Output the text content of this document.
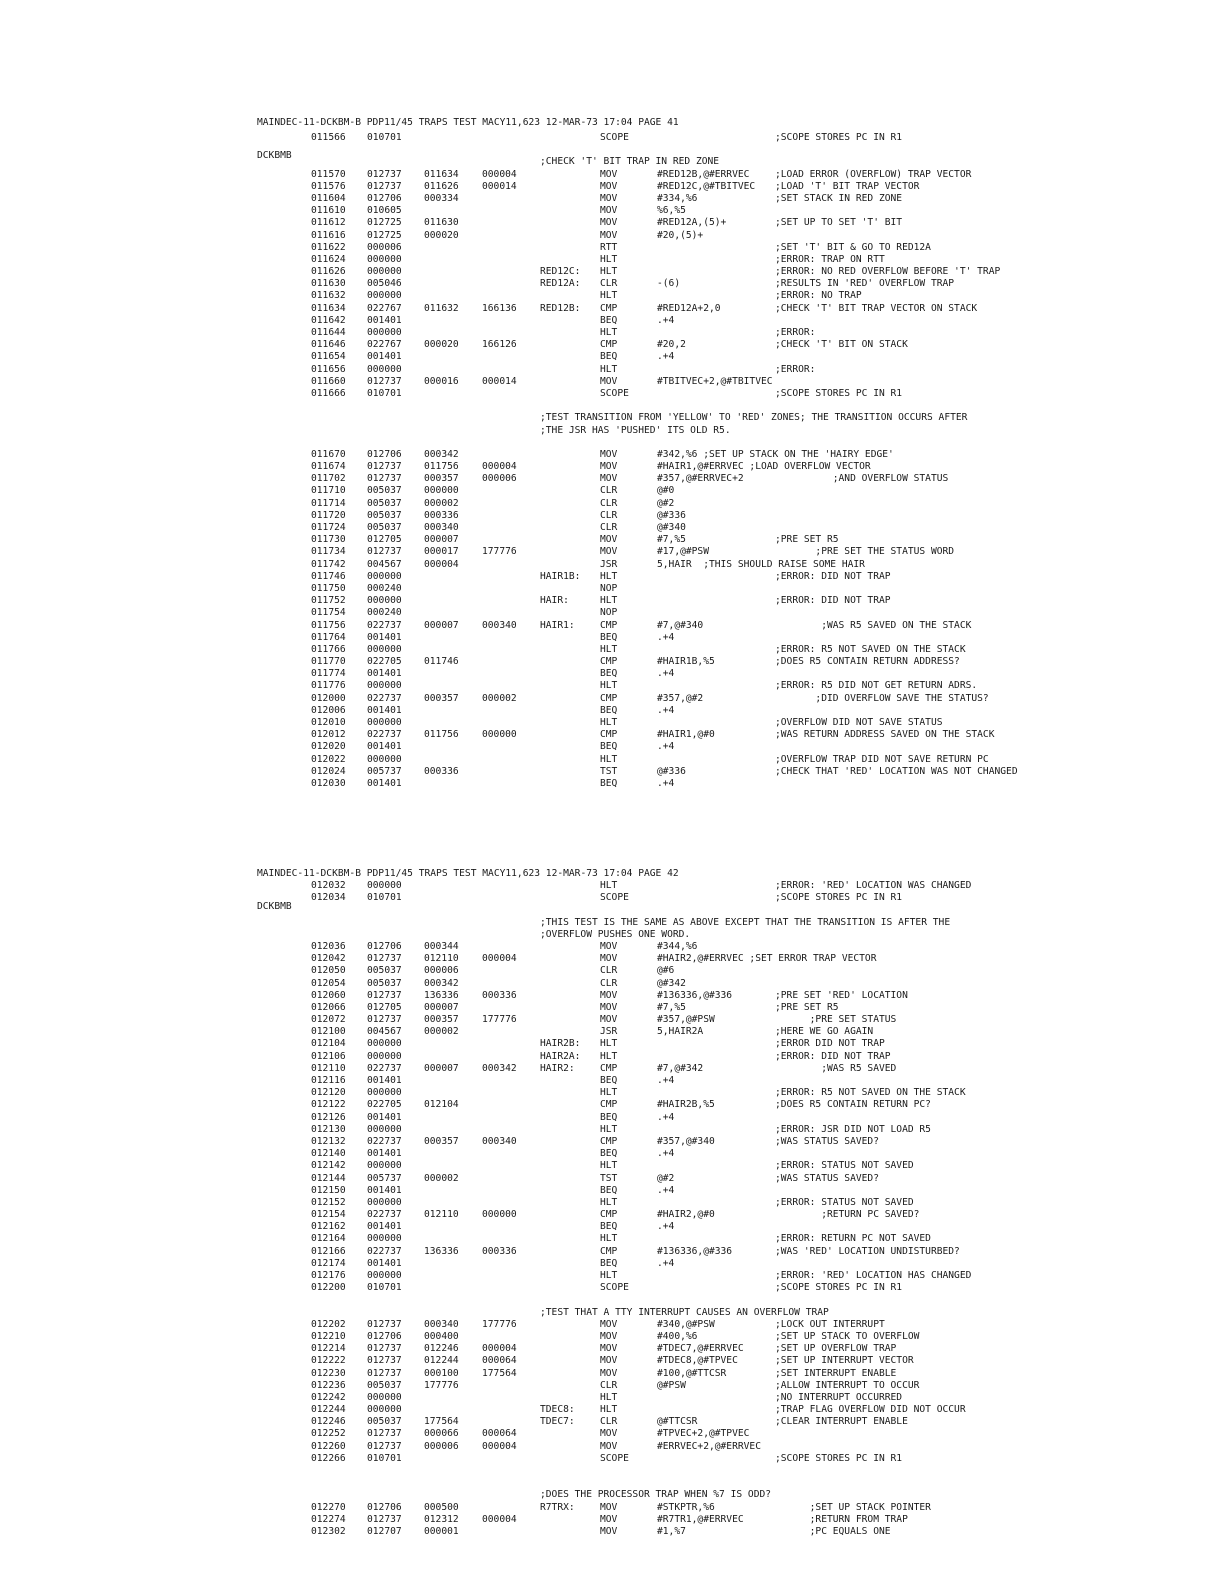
MAINDEC-11-DCKBM-B PDP11/45 TRAPS TEST MACY11,623 12-MAR-73 17:04 PAGE 41

DCKBMB

011566 010701	SCOPE	;SCOPE STORES PC IN R1
;CHECK 'T' BIT TRAP IN RED ZONE
011570 012737 011634 000004	MOV	#RED12B,@#ERRVEC	;LOAD ERROR (OVERFLOW) TRAP VECTOR
011576 012737 011626 000014	MOV	#RED12C,@#TBITVEC ;LOAD 'T' BIT TRAP VECTOR
011604 012706 000334	MOV	#334,%6	;SET STACK IN RED ZONE
011610 010605	MOV	%6,%5
011612 012725 011630	MOV	#RED12A,(5)+	;SET UP TO SET 'T' BIT
011616 012725 000020	MOV	#20,(5)+
011622 000006	RTT	;SET 'T' BIT & GO TO RED12A
011624 000000	HLT	;ERROR: TRAP ON RTT
011626 000000	RED12C: HLT	;ERROR: NO RED OVERFLOW BEFORE 'T' TRAP
011630 005046	RED12A: CLR	-(6)	;RESULTS IN 'RED' OVERFLOW TRAP
011632 000000	HLT	;ERROR: NO TRAP
011634 022767 011632 166136 RED12B: CMP	#RED12A+2,0	;CHECK 'T' BIT TRAP VECTOR ON STACK
011642 001401	BEQ	.+4
011644 000000	HLT	;ERROR:
011646 022767 000020 166126	CMP	#20,2	;CHECK 'T' BIT ON STACK
011654 001401	BEQ	.+4
011656 000000	HLT	;ERROR:
011660 012737 000016 000014	MOV	#TBITVEC+2,@#TBITVEC
011666 010701	SCOPE	;SCOPE STORES PC IN R1
;TEST TRANSITION FROM 'YELLOW' TO 'RED' ZONES; THE TRANSITION OCCURS AFTER
;THE JSR HAS 'PUSHED' ITS OLD R5.
011670 012706 000342	MOV	#342,%6 ;SET UP STACK ON THE 'HAIRY EDGE'
011674 012737 011756 000004	MOV	#HAIR1,@#ERRVEC ;LOAD OVERFLOW VECTOR
011702 012737 000357 000006	MOV	#357,@#ERRVEC+2	;AND OVERFLOW STATUS
011710 005037 000000	CLR	@#0
011714 005037 000002	CLR	@#2
011720 005037 000336	CLR	@#336
011724 005037 000340	CLR	@#340
011730 012705 000007	MOV	#7,%5	;PRE SET R5
011734 012737 000017 177776	MOV	#17,@#PSW	;PRE SET THE STATUS WORD
011742 004567 000004	JSR	5,HAIR  ;THIS SHOULD RAISE SOME HAIR
011746 000000	HAIR1B: HLT	;ERROR: DID NOT TRAP
011750 000240	NOP
011752 000000	HAIR:	HLT	;ERROR: DID NOT TRAP
011754 000240	NOP
011756 022737 000007 000340 HAIR1:	CMP	#7,@#340	;WAS R5 SAVED ON THE STACK
011764 001401	BEQ	.+4
011766 000000	HLT	;ERROR: R5 NOT SAVED ON THE STACK
011770 022705 011746	CMP	#HAIR1B,%5	;DOES R5 CONTAIN RETURN ADDRESS?
011774 001401	BEQ	.+4
011776 000000	HLT	;ERROR: R5 DID NOT GET RETURN ADRS.
012000 022737 000357 000002	CMP	#357,@#2	;DID OVERFLOW SAVE THE STATUS?
012006 001401	BEQ	.+4
012010 000000	HLT	;OVERFLOW DID NOT SAVE STATUS
012012 022737 011756 000000	CMP	#HAIR1,@#0	;WAS RETURN ADDRESS SAVED ON THE STACK
012020 001401	BEQ	.+4
012022 000000	HLT	;OVERFLOW TRAP DID NOT SAVE RETURN PC
012024 005737 000336	TST	@#336	;CHECK THAT 'RED' LOCATION WAS NOT CHANGED
012030 001401	BEQ	.+4

MAINDEC-11-DCKBM-B PDP11/45 TRAPS TEST MACY11,623 12-MAR-73 17:04 PAGE 42

DCKBMB

012032 000000	HLT	;ERROR: 'RED' LOCATION WAS CHANGED
012034 010701	SCOPE	;SCOPE STORES PC IN R1
;THIS TEST IS THE SAME AS ABOVE EXCEPT THAT THE TRANSITION IS AFTER THE
;OVERFLOW PUSHES ONE WORD.
012036 012706 000344	MOV	#344,%6
012042 012737 012110 000004	MOV	#HAIR2,@#ERRVEC ;SET ERROR TRAP VECTOR
012050 005037 000006	CLR	@#6
012054 005037 000342	CLR	@#342
012060 012737 136336 000336	MOV	#136336,@#336	;PRE SET 'RED' LOCATION
012066 012705 000007	MOV	#7,%5	;PRE SET R5
012072 012737 000357 177776	MOV	#357,@#PSW	;PRE SET STATUS
012100 004567 000002	JSR	5,HAIR2A	;HERE WE GO AGAIN
012104 000000	HAIR2B: HLT	;ERROR DID NOT TRAP
012106 000000	HAIR2A: HLT	;ERROR: DID NOT TRAP
012110 022737 000007 000342 HAIR2:	CMP	#7,@#342	;WAS R5 SAVED
012116 001401	BEQ	.+4
012120 000000	HLT	;ERROR: R5 NOT SAVED ON THE STACK
012122 022705 012104	CMP	#HAIR2B,%5	;DOES R5 CONTAIN RETURN PC?
012126 001401	BEQ	.+4
012130 000000	HLT	;ERROR: JSR DID NOT LOAD R5
012132 022737 000357 000340	CMP	#357,@#340	;WAS STATUS SAVED?
012140 001401	BEQ	.+4
012142 000000	HLT	;ERROR: STATUS NOT SAVED
012144 005737 000002	TST	@#2	;WAS STATUS SAVED?
012150 001401	BEQ	.+4
012152 000000	HLT	;ERROR: STATUS NOT SAVED
012154 022737 012110 000000	CMP	#HAIR2,@#0	;RETURN PC SAVED?
012162 001401	BEQ	.+4
012164 000000	HLT	;ERROR: RETURN PC NOT SAVED
012166 022737 136336 000336	CMP	#136336,@#336	;WAS 'RED' LOCATION UNDISTURBED?
012174 001401	BEQ	.+4
012176 000000	HLT	;ERROR: 'RED' LOCATION HAS CHANGED
012200 010701	SCOPE	;SCOPE STORES PC IN R1
;TEST THAT A TTY INTERRUPT CAUSES AN OVERFLOW TRAP
012202 012737 000340 177776	MOV	#340,@#PSW	;LOCK OUT INTERRUPT
012210 012706 000400	MOV	#400,%6	;SET UP STACK TO OVERFLOW
012214 012737 012246 000004	MOV	#TDEC7,@#ERRVEC	;SET UP OVERFLOW TRAP
012222 012737 012244 000064	MOV	#TDEC8,@#TPVEC	;SET UP INTERRUPT VECTOR
012230 012737 000100 177564	MOV	#100,@#TTCSR	;SET INTERRUPT ENABLE
012236 005037 177776	CLR	@#PSW	;ALLOW INTERRUPT TO OCCUR
012242 000000	HLT	;NO INTERRUPT OCCURRED
012244 000000	TDEC8:	HLT	;TRAP FLAG OVERFLOW DID NOT OCCUR
012246 005037 177564	TDEC7:	CLR	@#TTCSR	;CLEAR INTERRUPT ENABLE
012252 012737 000066 000064	MOV	#TPVEC+2,@#TPVEC
012260 012737 000006 000004	MOV	#ERRVEC+2,@#ERRVEC
012266 010701	SCOPE	;SCOPE STORES PC IN R1
;DOES THE PROCESSOR TRAP WHEN %7 IS ODD?
012270 012706 000500	R7TRX:	MOV	#STKPTR,%6	;SET UP STACK POINTER
012274 012737 012312 000004	MOV	#R7TR1,@#ERRVEC	;RETURN FROM TRAP
012302 012707 000001	MOV	#1,%7	;PC EQUALS ONE
